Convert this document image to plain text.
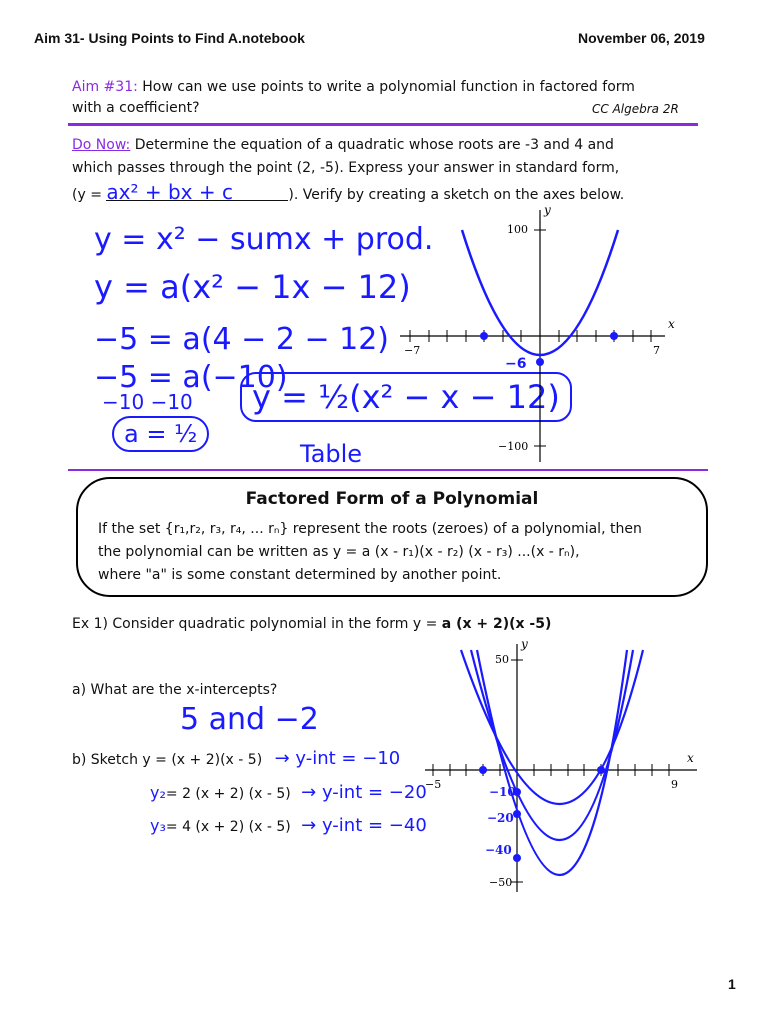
Aim 31- Using Points to Find A.notebook	November 06, 2019
Aim #31: How can we use points to write a polynomial function in factored form
with a coefficient?	CC Algebra 2R
Do Now: Determine the equation of a quadratic whose roots are -3 and 4 and
which passes through the point (2, -5). Express your answer in standard form,
(y = ax² + bx + c	). Verify by creating a sketch on the axes below.
y = x² − sumx + prod.
y = a(x² − 1x − 12)
−5 = a(4 − 2 − 12)
−5 = a(−10)
−10 −10
a = ½
y = ½(x² − x − 12)
Table
−6
100
−100
−7	7
x
y
Factored Form of a Polynomial
If the set {r₁,r₂, r₃, r₄, ... rₙ} represent the roots (zeroes) of a polynomial, then
the polynomial can be written as y = a (x - r₁)(x - r₂) (x - r₃) ...(x - rₙ),
where "a" is some constant determined by another point.
Ex 1) Consider quadratic polynomial in the form y = a (x + 2)(x -5)
a) What are the x-intercepts?
5 and −2
b) Sketch y = (x + 2)(x - 5) → y-int = −10
y₂= 2 (x + 2) (x - 5) → y-int = −20
y₃= 4 (x + 2) (x - 5) → y-int = −40
50
−50
−5	9
x
y
−10
−20
−40
1
